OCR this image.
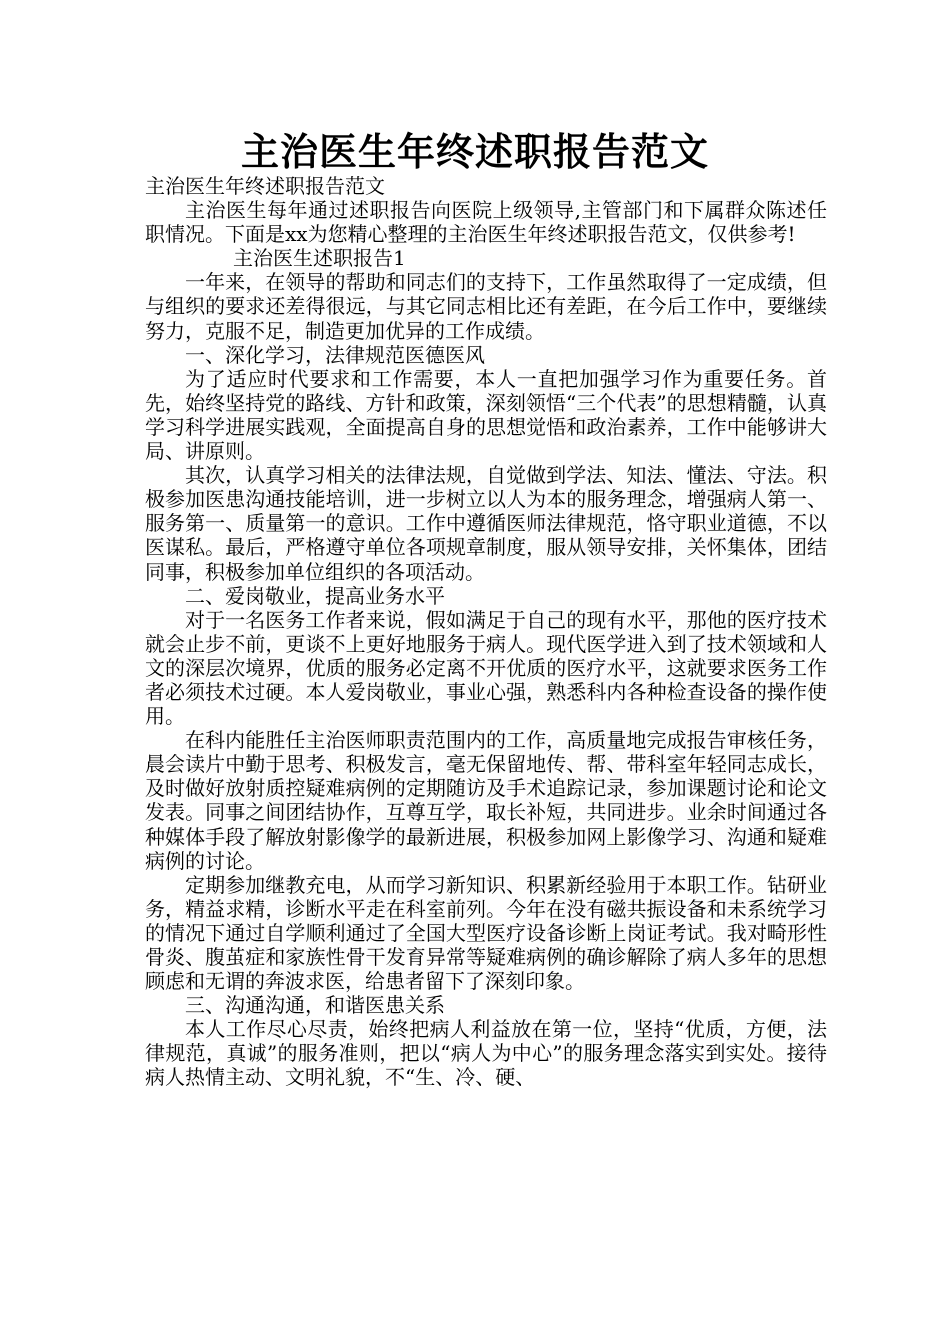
主治医生年终述职报告范文

主治医生年终述职报告范文

主治医生每年通过述职报告向医院上级领导,主管部门和下属群众陈述任职情况。下面是xx为您精心整理的主治医生年终述职报告范文，仅供参考!

主治医生述职报告1

一年来，在领导的帮助和同志们的支持下，工作虽然取得了一定成绩，但与组织的要求还差得很远，与其它同志相比还有差距，在今后工作中，要继续努力，克服不足，制造更加优异的工作成绩。

一、深化学习，法律规范医德医风

为了适应时代要求和工作需要，本人一直把加强学习作为重要任务。首先，始终坚持党的路线、方针和政策，深刻领悟“三个代表”的思想精髓，认真学习科学进展实践观，全面提高自身的思想觉悟和政治素养，工作中能够讲大局、讲原则。

其次，认真学习相关的法律法规，自觉做到学法、知法、懂法、守法。积极参加医患沟通技能培训，进一步树立以人为本的服务理念，增强病人第一、服务第一、质量第一的意识。工作中遵循医师法律规范，恪守职业道德，不以医谋私。最后，严格遵守单位各项规章制度，服从领导安排，关怀集体，团结同事，积极参加单位组织的各项活动。

二、爱岗敬业，提高业务水平

对于一名医务工作者来说，假如满足于自己的现有水平，那他的医疗技术就会止步不前，更谈不上更好地服务于病人。现代医学进入到了技术领域和人文的深层次境界，优质的服务必定离不开优质的医疗水平，这就要求医务工作者必须技术过硬。本人爱岗敬业，事业心强，熟悉科内各种检查设备的操作使用。

在科内能胜任主治医师职责范围内的工作，高质量地完成报告审核任务，晨会读片中勤于思考、积极发言，毫无保留地传、帮、带科室年轻同志成长，及时做好放射质控疑难病例的定期随访及手术追踪记录，参加课题讨论和论文发表。同事之间团结协作，互尊互学，取长补短，共同进步。业余时间通过各种媒体手段了解放射影像学的最新进展，积极参加网上影像学习、沟通和疑难病例的讨论。

定期参加继教充电，从而学习新知识、积累新经验用于本职工作。钻研业务，精益求精，诊断水平走在科室前列。今年在没有磁共振设备和未系统学习的情况下通过自学顺利通过了全国大型医疗设备诊断上岗证考试。我对畸形性骨炎、腹茧症和家族性骨干发育异常等疑难病例的确诊解除了病人多年的思想顾虑和无谓的奔波求医，给患者留下了深刻印象。

三、沟通沟通，和谐医患关系

本人工作尽心尽责，始终把病人利益放在第一位，坚持“优质，方便，法律规范，真诚”的服务准则，把以“病人为中心”的服务理念落实到实处。接待病人热情主动、文明礼貌，不“生、冷、硬、
